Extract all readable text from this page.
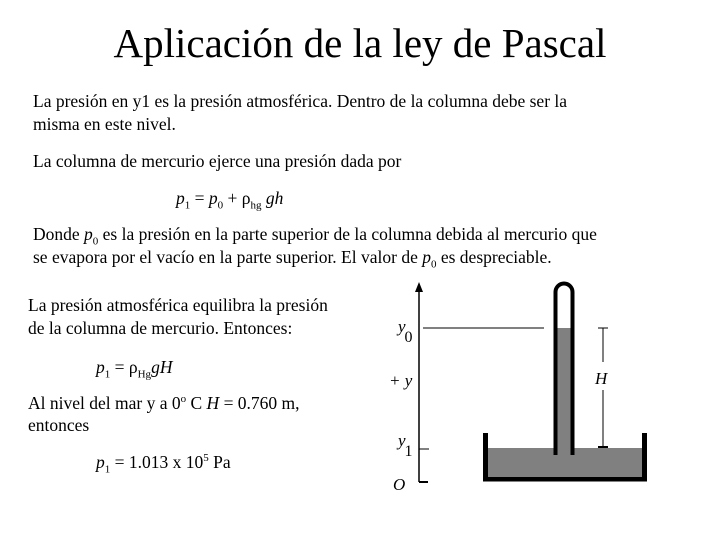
Aplicación de la ley de Pascal
La presión en y1 es la presión atmosférica. Dentro de la columna debe ser la
misma en este nivel.
La columna de mercurio ejerce una presión dada por
$p_1 = p_0 + \rho_{hg}$ gh
Donde $p_0$ es la presión en la parte superior de la columna debida al mercurio que
se evapora por el vacío en la parte superior. El valor de $p_0$ es despreciable.
La presión atmosférica equilibra la presión
de la columna de mercurio. Entonces:
$p_1 = \rho_{Hg}gH$
Al nivel del mar y a 0$^o$ C H = 0.760 m,
entonces
$p_1 = 1.013$ x $10^5$ Pa
H
y0
+ y
y1
O
